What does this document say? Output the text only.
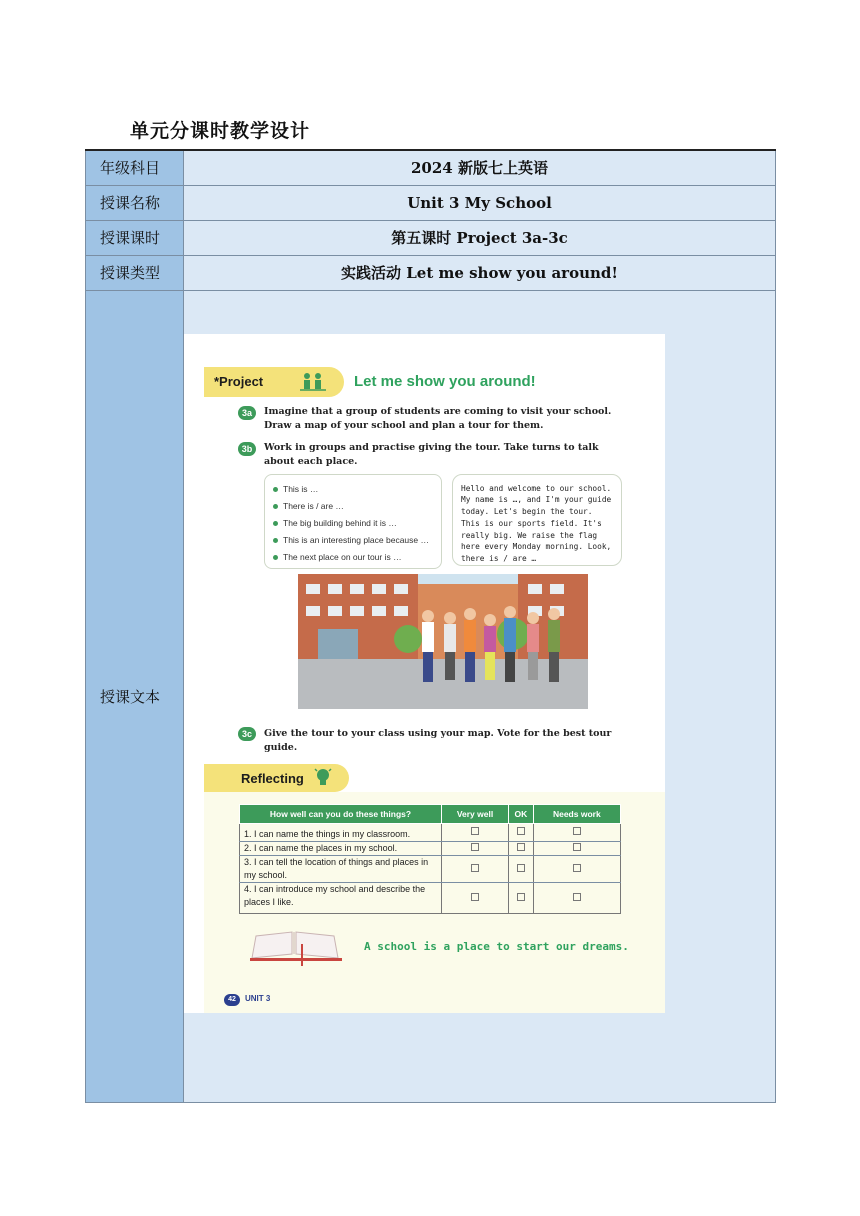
单元分课时教学设计
年级科目	2024 新版七上英语
授课名称	Unit 3 My School
授课课时	第五课时 Project 3a-3c
授课类型	实践活动 Let me show you around!
授课文本	
*Project	Let me show you around!
3a	Imagine that a group of students are coming to visit your school. Draw a map of your school and plan a tour for them.
3b	Work in groups and practise giving the tour. Take turns to talk about each place.
This is …
There is / are …
The big building behind it is …
This is an interesting place because …
The next place on our tour is …
Hello and welcome to our school. My name is …, and I'm your guide today. Let's begin the tour. This is our sports field. It's really big. We raise the flag here every Monday morning. Look, there is / are …
3c	Give the tour to your class using your map. Vote for the best tour guide.
Reflecting
How well can you do these things?	Very well	OK	Needs work
1. I can name the things in my classroom.			
2. I can name the places in my school.			
3. I can tell the location of things and places in my school.			
4. I can introduce my school and describe the places I like.			
A school is a place to start our dreams.
42	UNIT 3
